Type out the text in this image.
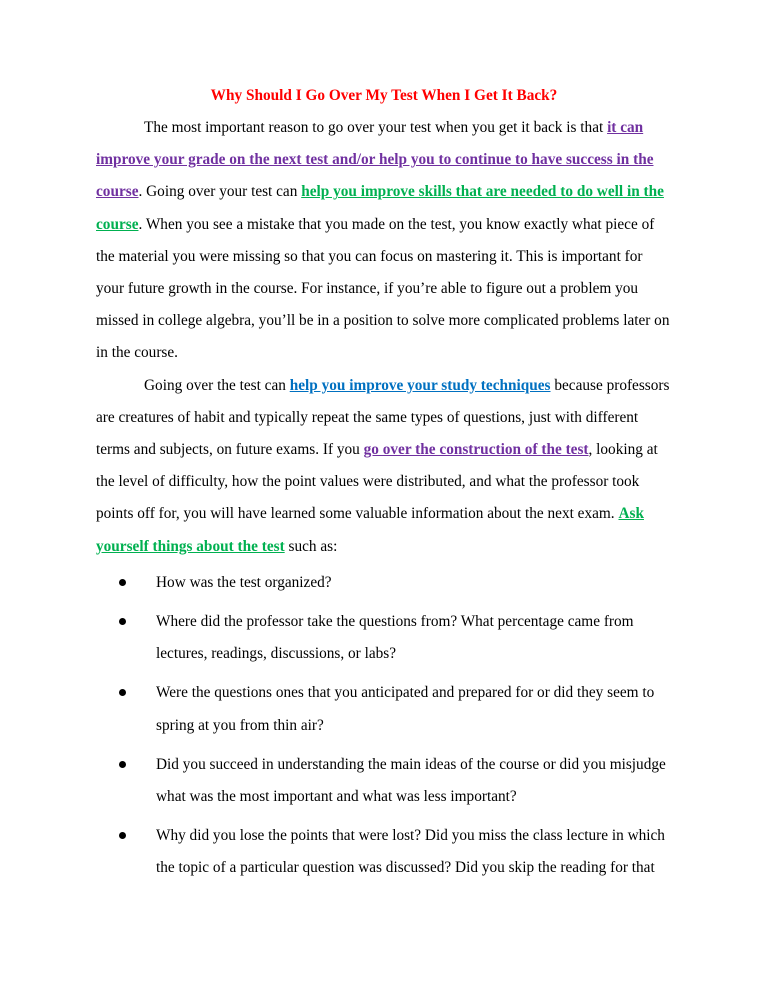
Why Should I Go Over My Test When I Get It Back?

The most important reason to go over your test when you get it back is that it can improve your grade on the next test and/or help you to continue to have success in the course. Going over your test can help you improve skills that are needed to do well in the course. When you see a mistake that you made on the test, you know exactly what piece of the material you were missing so that you can focus on mastering it. This is important for your future growth in the course. For instance, if you’re able to figure out a problem you missed in college algebra, you’ll be in a position to solve more complicated problems later on in the course.

Going over the test can help you improve your study techniques because professors are creatures of habit and typically repeat the same types of questions, just with different terms and subjects, on future exams. If you go over the construction of the test, looking at the level of difficulty, how the point values were distributed, and what the professor took points off for, you will have learned some valuable information about the next exam. Ask yourself things about the test such as:

How was the test organized?
Where did the professor take the questions from? What percentage came from lectures, readings, discussions, or labs?
Were the questions ones that you anticipated and prepared for or did they seem to spring at you from thin air?
Did you succeed in understanding the main ideas of the course or did you misjudge what was the most important and what was less important?
Why did you lose the points that were lost? Did you miss the class lecture in which the topic of a particular question was discussed? Did you skip the reading for that
